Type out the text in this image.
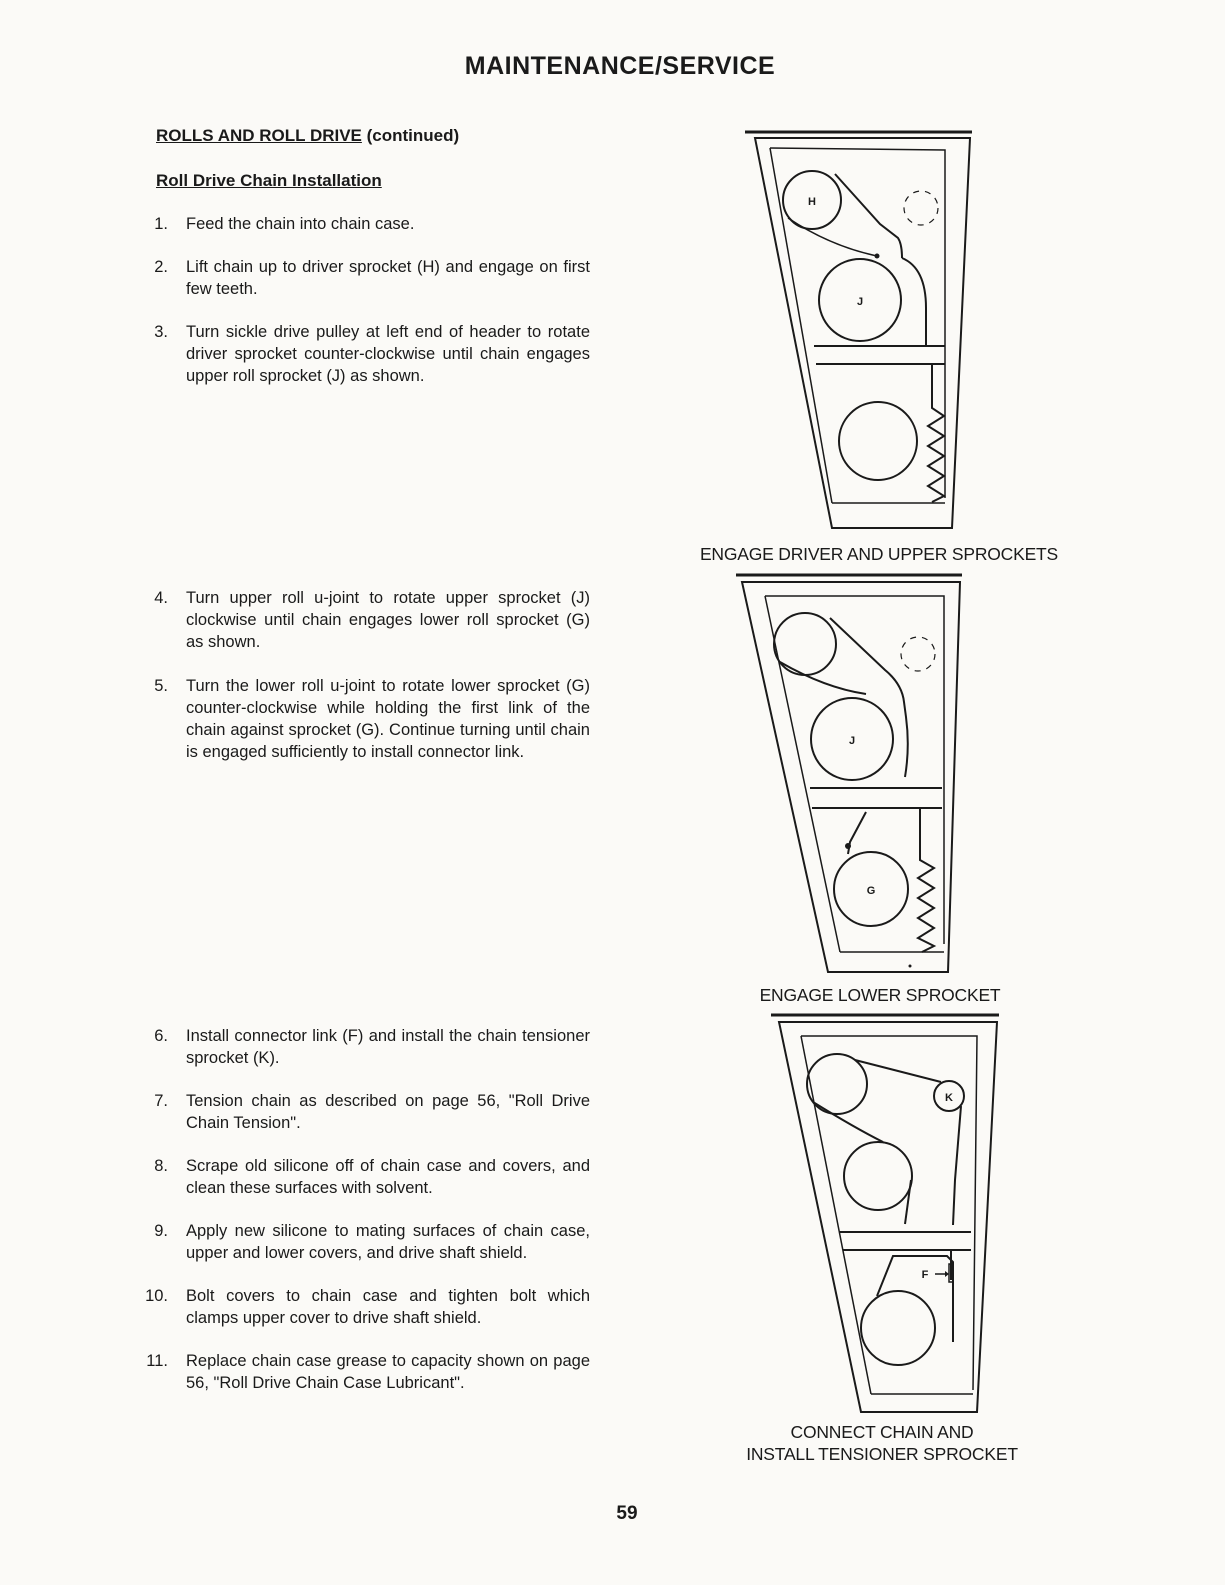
MAINTENANCE/SERVICE
ROLLS AND ROLL DRIVE (continued)
Roll Drive Chain Installation
1. Feed the chain into chain case.
2. Lift chain up to driver sprocket (H) and engage on first few teeth.
3. Turn sickle drive pulley at left end of header to rotate driver sprocket counter-clockwise until chain engages upper roll sprocket (J) as shown.
4. Turn upper roll u-joint to rotate upper sprocket (J) clockwise until chain engages lower roll sprocket (G) as shown.
5. Turn the lower roll u-joint to rotate lower sprocket (G) counter-clockwise while holding the first link of the chain against sprocket (G). Continue turning until chain is engaged sufficiently to install connector link.
6. Install connector link (F) and install the chain tensioner sprocket (K).
7. Tension chain as described on page 56, "Roll Drive Chain Tension".
8. Scrape old silicone off of chain case and covers, and clean these surfaces with solvent.
9. Apply new silicone to mating surfaces of chain case, upper and lower covers, and drive shaft shield.
10. Bolt covers to chain case and tighten bolt which clamps upper cover to drive shaft shield.
11. Replace chain case grease to capacity shown on page 56, "Roll Drive Chain Case Lubricant".
H
J
ENGAGE DRIVER AND UPPER SPROCKETS
J
G
ENGAGE LOWER SPROCKET
K
F
CONNECT CHAIN AND
INSTALL TENSIONER SPROCKET
59
